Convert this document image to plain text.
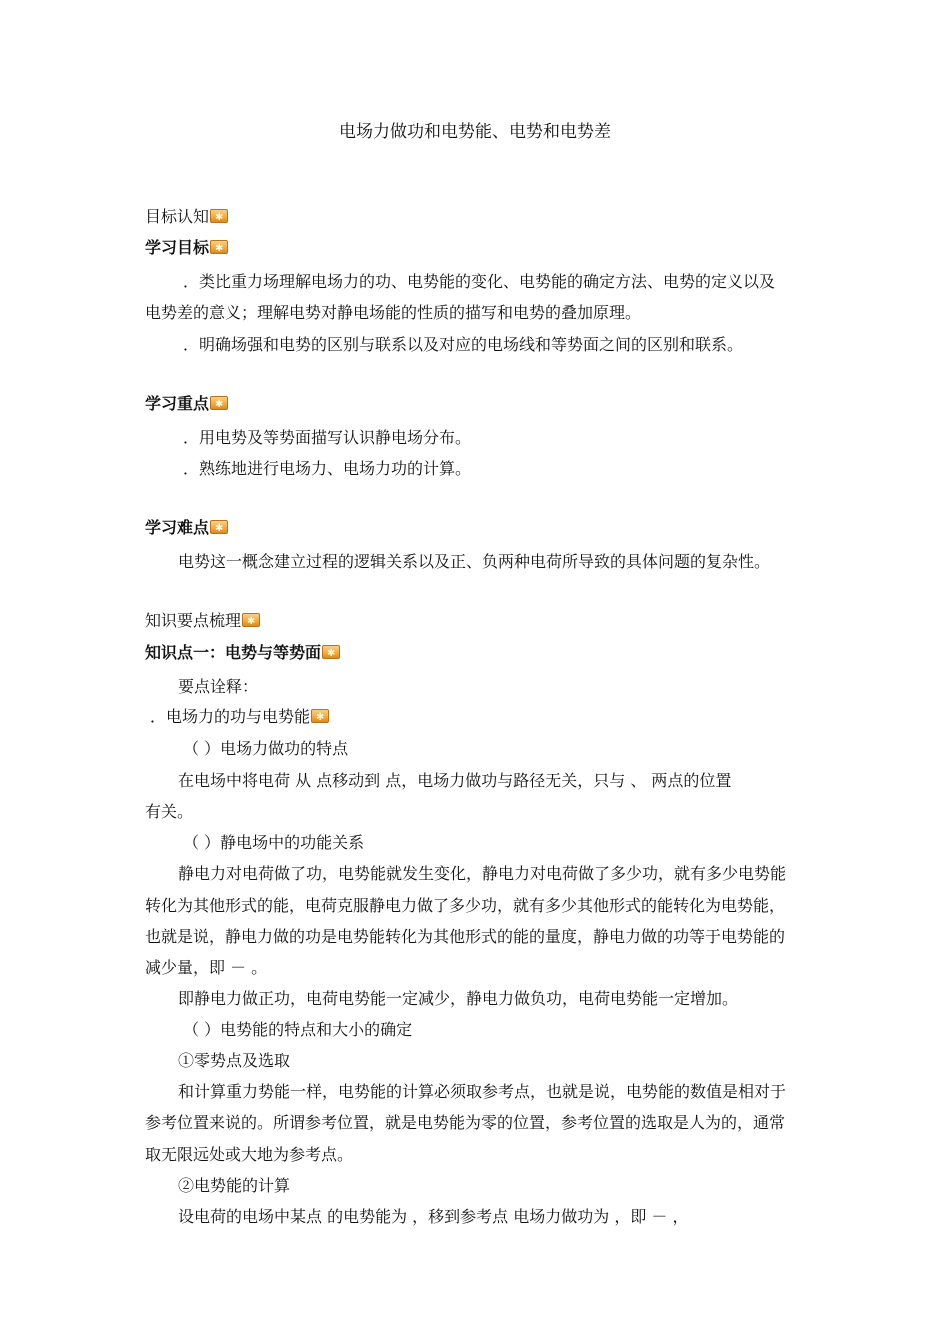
电场力做功和电势能、电势和电势差
目标认知✱
学习目标✱
．类比重力场理解电场力的功、电势能的变化、电势能的确定方法、电势的定义以及
电势差的意义；理解电势对静电场能的性质的描写和电势的叠加原理。
．明确场强和电势的区别与联系以及对应的电场线和等势面之间的区别和联系。
学习重点✱
．用电势及等势面描写认识静电场分布。
．熟练地进行电场力、电场力功的计算。
学习难点✱
电势这一概念建立过程的逻辑关系以及正、负两种电荷所导致的具体问题的复杂性。
知识要点梳理✱
知识点一：电势与等势面✱
要点诠释：
．电场力的功与电势能✱
（ ）电场力做功的特点
在电场中将电荷 从 点移动到 点，电场力做功与路径无关，只与 、 两点的位置
有关。
（ ）静电场中的功能关系
静电力对电荷做了功，电势能就发生变化，静电力对电荷做了多少功，就有多少电势能
转化为其他形式的能，电荷克服静电力做了多少功，就有多少其他形式的能转化为电势能，
也就是说，静电力做的功是电势能转化为其他形式的能的量度，静电力做的功等于电势能的
减少量，即 － 。
即静电力做正功，电荷电势能一定减少，静电力做负功，电荷电势能一定增加。
（ ）电势能的特点和大小的确定
①零势点及选取
和计算重力势能一样，电势能的计算必须取参考点，也就是说，电势能的数值是相对于
参考位置来说的。所谓参考位置，就是电势能为零的位置，参考位置的选取是人为的，通常
取无限远处或大地为参考点。
②电势能的计算
设电荷的电场中某点 的电势能为 ，移到参考点 电场力做功为 ，即 － ，
